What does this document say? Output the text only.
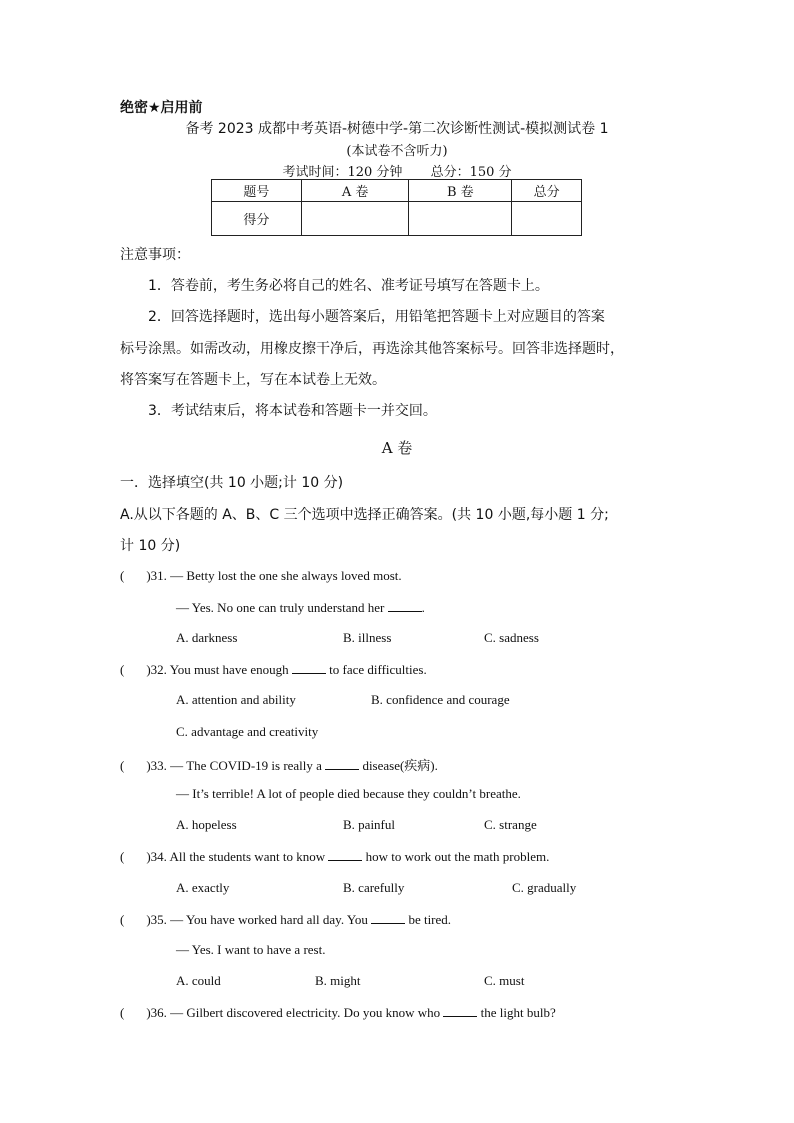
绝密★启用前
备考 2023 成都中考英语-树德中学-第二次诊断性测试-模拟测试卷 1
(本试卷不含听力)
考试时间：120 分钟 总分：150 分
题号	A 卷	B 卷	总分
得分			
注意事项：
1．答卷前，考生务必将自己的姓名、准考证号填写在答题卡上。
2．回答选择题时，选出每小题答案后，用铅笔把答题卡上对应题目的答案
标号涂黑。如需改动，用橡皮擦干净后，再选涂其他答案标号。回答非选择题时，
将答案写在答题卡上，写在本试卷上无效。
3．考试结束后，将本试卷和答题卡一并交回。
A 卷
一．选择填空(共 10 小题;计 10 分)
A.从以下各题的 A、B、C 三个选项中选择正确答案。(共 10 小题,每小题 1 分;
计 10 分)
( )31. — Betty lost the one she always loved most.
— Yes. No one can truly understand her	.
A. darkness	B. illness	C. sadness
( )32. You must have enough	to face difficulties.
A. attention and ability	B. confidence and courage
C. advantage and creativity
( )33. — The COVID-19 is really a	disease(疾病).
— It’s terrible! A lot of people died because they couldn’t breathe.
A. hopeless	B. painful	C. strange
( )34. All the students want to know	how to work out the math problem.
A. exactly	B. carefully	C. gradually
( )35. — You have worked hard all day. You	be tired.
— Yes. I want to have a rest.
A. could	B. might	C. must
( )36. — Gilbert discovered electricity. Do you know who	the light bulb?
